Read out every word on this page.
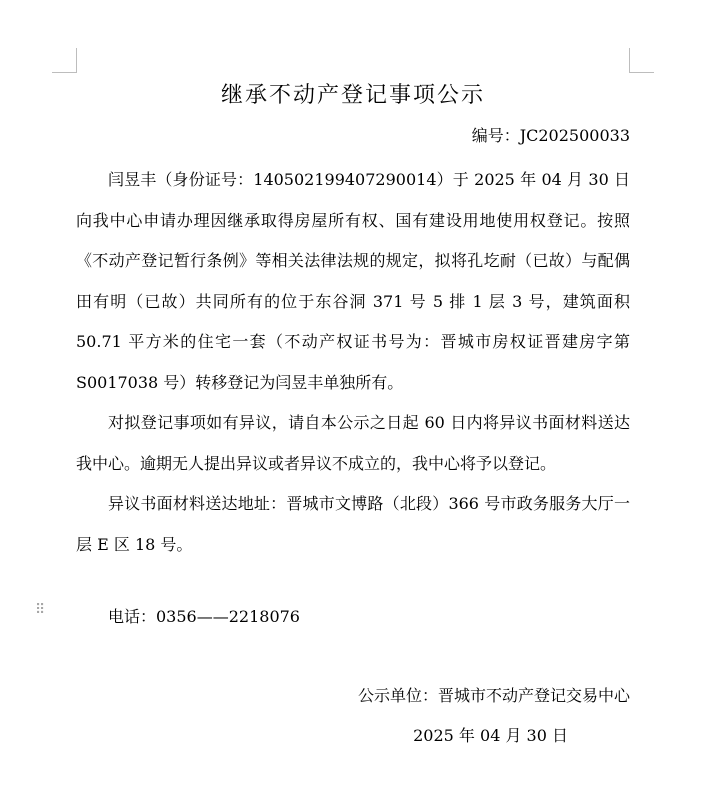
⠿
继承不动产登记事项公示
编号：JC202500033

闫昱丰（身份证号：140502199407290014）于 2025 年 04 月 30 日向我中心申请办理因继承取得房屋所有权、国有建设用地使用权登记。按照《不动产登记暂行条例》等相关法律法规的规定，拟将孔圪耐（已故）与配偶田有明（已故）共同所有的位于东谷洞 371 号 5 排 1 层 3 号，建筑面积 50.71 平方米的住宅一套（不动产权证书号为：晋城市房权证晋建房字第 S0017038 号）转移登记为闫昱丰单独所有。

对拟登记事项如有异议，请自本公示之日起 60 日内将异议书面材料送达我中心。逾期无人提出异议或者异议不成立的，我中心将予以登记。

异议书面材料送达地址：晋城市文博路（北段）366 号市政务服务大厅一层 E 区 18 号。

电话：0356——2218076
公示单位：晋城市不动产登记交易中心
2025 年 04 月 30 日
